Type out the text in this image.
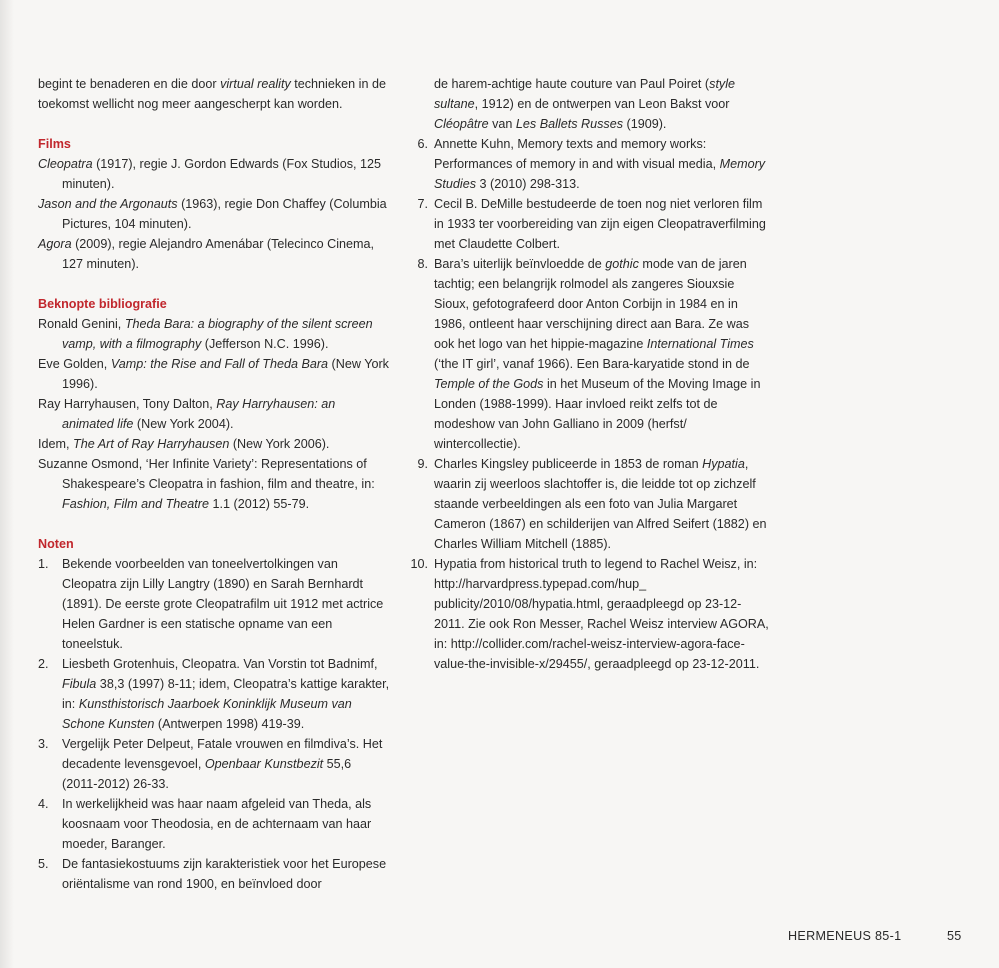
begint te benaderen en die door virtual reality technieken in de toekomst wellicht nog meer aangescherpt kan worden.

Films

Cleopatra (1917), regie J. Gordon Edwards (Fox Studios, 125 minuten).

Jason and the Argonauts (1963), regie Don Chaffey (Columbia Pictures, 104 minuten).

Agora (2009), regie Alejandro Amenábar (Telecinco Cinema, 127 minuten).

Beknopte bibliografie

Ronald Genini, Theda Bara: a biography of the silent screen vamp, with a filmography (Jefferson N.C. 1996).

Eve Golden, Vamp: the Rise and Fall of Theda Bara (New York 1996).

Ray Harryhausen, Tony Dalton, Ray Harryhausen: an animated life (New York 2004).

Idem, The Art of Ray Harryhausen (New York 2006).

Suzanne Osmond, ‘Her Infinite Variety’: Representations of Shakespeare’s Cleopatra in fashion, film and theatre, in: Fashion, Film and Theatre 1.1 (2012) 55-79.

Noten

1.	Bekende voorbeelden van toneelvertolkingen van Cleopatra zijn Lilly Langtry (1890) en Sarah Bernhardt (1891). De eerste grote Cleopatrafilm uit 1912 met actrice Helen Gardner is een statische opname van een toneelstuk.
2.	Liesbeth Grotenhuis, Cleopatra. Van Vorstin tot Badnimf, Fibula 38,3 (1997) 8-11; idem, Cleopatra’s kattige karakter, in: Kunsthistorisch Jaarboek Koninklijk Museum van Schone Kunsten (Antwerpen 1998) 419-39.
3.	Vergelijk Peter Delpeut, Fatale vrouwen en filmdiva’s. Het decadente levensgevoel, Openbaar Kunstbezit 55,6 (2011-2012) 26-33.
4.	In werkelijkheid was haar naam afgeleid van Theda, als koosnaam voor Theodosia, en de achternaam van haar moeder, Baranger.
5.	De fantasiekostuums zijn karakteristiek voor het Europese oriëntalisme van rond 1900, en beïnvloed door

de harem-achtige haute couture van Paul Poiret (style sultane, 1912) en de ontwerpen van Leon Bakst voor Cléopâtre van Les Ballets Russes (1909).

6. Annette Kuhn, Memory texts and memory works: Performances of memory in and with visual media, Memory Studies 3 (2010) 298-313.
7. Cecil B. DeMille bestudeerde de toen nog niet verloren film in 1933 ter voorbereiding van zijn eigen Cleopatraverfilming met Claudette Colbert.
8. Bara’s uiterlijk beïnvloedde de gothic mode van de jaren tachtig; een belangrijk rolmodel als zangeres Siouxsie Sioux, gefotografeerd door Anton Corbijn in 1984 en in 1986, ontleent haar verschijning direct aan Bara. Ze was ook het logo van het hippie-magazine International Times (‘the IT girl’, vanaf 1966). Een Bara-karyatide stond in de Temple of the Gods in het Museum of the Moving Image in Londen (1988-1999). Haar invloed reikt zelfs tot de modeshow van John Galliano in 2009 (herfst/ wintercollectie).
9. Charles Kingsley publiceerde in 1853 de roman Hypatia, waarin zij weerloos slachtoffer is, die leidde tot op zichzelf staande verbeeldingen als een foto van Julia Margaret Cameron (1867) en schilderijen van Alfred Seifert (1882) en Charles William Mitchell (1885).
10. Hypatia from historical truth to legend to Rachel Weisz, in: http://harvardpress.typepad.com/hup_ publicity/2010/08/hypatia.html, geraadpleegd op 23-12-2011. Zie ook Ron Messer, Rachel Weisz interview AGORA, in: http://collider.com/rachel-weisz-interview-agora-face-value-the-invisible-x/29455/, geraadpleegd op 23-12-2011.
HERMENEUS 85-1	55
